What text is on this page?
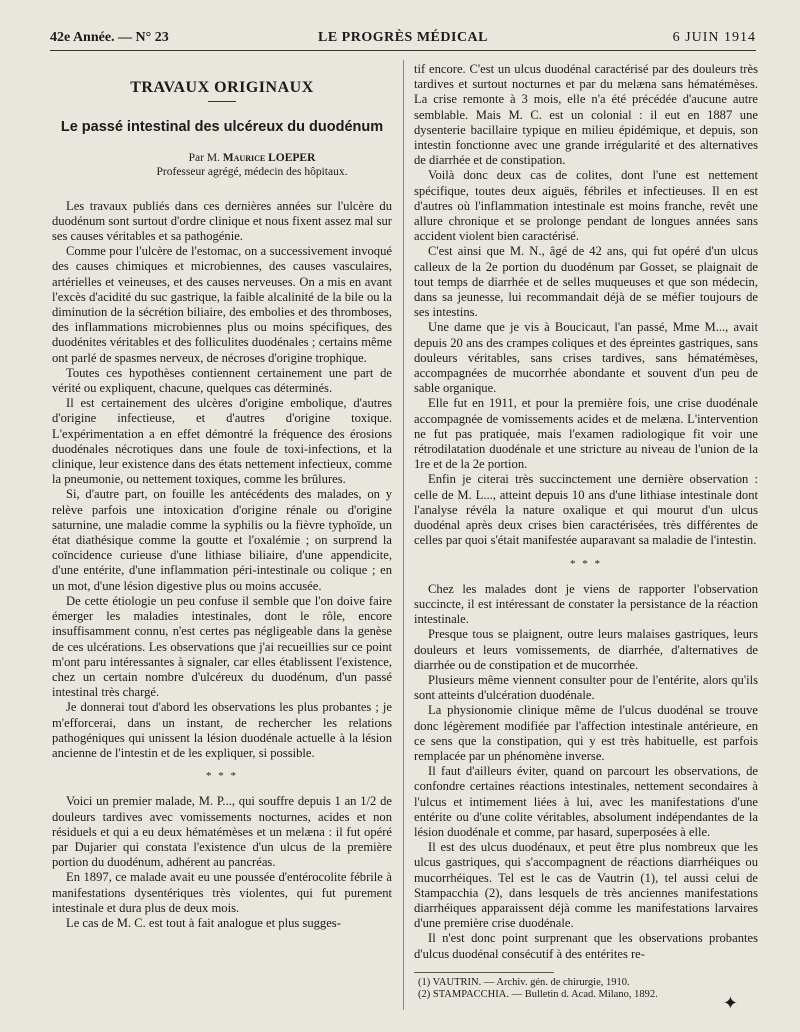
42e Année. — N° 23	LE PROGRÈS MÉDICAL	6 JUIN 1914
TRAVAUX ORIGINAUX
Le passé intestinal des ulcéreux du duodénum
Par M. Maurice LOEPER
Professeur agrégé, médecin des hôpitaux.

Les travaux publiés dans ces dernières années sur l'ulcère du duodénum sont surtout d'ordre clinique et nous fixent assez mal sur ses causes véritables et sa pathogénie.

Comme pour l'ulcère de l'estomac, on a successivement invoqué des causes chimiques et microbiennes, des causes vasculaires, artérielles et veineuses, et des causes nerveuses. On a mis en avant l'excès d'acidité du suc gastrique, la faible alcalinité de la bile ou la diminution de la sécrétion biliaire, des embolies et des thromboses, des inflammations microbiennes plus ou moins spécifiques, des duodénites véritables et des folliculites duodénales ; certains même ont parlé de spasmes nerveux, de nécroses d'origine trophique.

Toutes ces hypothèses contiennent certainement une part de vérité ou expliquent, chacune, quelques cas déterminés.

Il est certainement des ulcères d'origine embolique, d'autres d'origine infectieuse, et d'autres d'origine toxique. L'expérimentation a en effet démontré la fréquence des érosions duodénales nécrotiques dans une foule de toxi-infections, et la clinique, leur existence dans des états nettement infectieux, comme la pneumonie, ou nettement toxiques, comme les brûlures.

Si, d'autre part, on fouille les antécédents des malades, on y relève parfois une intoxication d'origine rénale ou d'origine saturnine, une maladie comme la syphilis ou la fièvre typhoïde, un état diathésique comme la goutte et l'oxalémie ; on surprend la coïncidence curieuse d'une lithiase biliaire, d'une appendicite, d'une entérite, d'une inflammation péri-intestinale ou colique ; en un mot, d'une lésion digestive plus ou moins accusée.

De cette étiologie un peu confuse il semble que l'on doive faire émerger les maladies intestinales, dont le rôle, encore insuffisamment connu, n'est certes pas négligeable dans la genèse de ces ulcérations. Les observations que j'ai recueillies sur ce point m'ont paru intéressantes à signaler, car elles établissent l'existence, chez un certain nombre d'ulcéreux du duodénum, d'un passé intestinal très chargé.

Je donnerai tout d'abord les observations les plus probantes ; je m'efforcerai, dans un instant, de rechercher les relations pathogéniques qui unissent la lésion duodénale actuelle à la lésion ancienne de l'intestin et de les expliquer, si possible.

* * *

Voici un premier malade, M. P..., qui souffre depuis 1 an 1/2 de douleurs tardives avec vomissements nocturnes, acides et non résiduels et qui a eu deux hématémèses et un melæna : il fut opéré par Dujarier qui constata l'existence d'un ulcus de la première portion du duodénum, adhérent au pancréas.

En 1897, ce malade avait eu une poussée d'entérocolite fébrile à manifestations dysentériques très violentes, qui fut purement intestinale et dura plus de deux mois.

Le cas de M. C. est tout à fait analogue et plus sugges-

tif encore. C'est un ulcus duodénal caractérisé par des douleurs très tardives et surtout nocturnes et par du melæna sans hématémèses. La crise remonte à 3 mois, elle n'a été précédée d'aucune autre semblable. Mais M. C. est un colonial : il eut en 1887 une dysenterie bacillaire typique en milieu épidémique, et depuis, son intestin fonctionne avec une grande irrégularité et des alternatives de diarrhée et de constipation.

Voilà donc deux cas de colites, dont l'une est nettement spécifique, toutes deux aiguës, fébriles et infectieuses. Il en est d'autres où l'inflammation intestinale est moins franche, revêt une allure chronique et se prolonge pendant de longues années sans accident violent bien caractérisé.

C'est ainsi que M. N., âgé de 42 ans, qui fut opéré d'un ulcus calleux de la 2e portion du duodénum par Gosset, se plaignait de tout temps de diarrhée et de selles muqueuses et que son médecin, dans sa jeunesse, lui recommandait déjà de se méfier toujours de ses intestins.

Une dame que je vis à Boucicaut, l'an passé, Mme M..., avait depuis 20 ans des crampes coliques et des épreintes gastriques, sans douleurs véritables, sans crises tardives, sans hématémèses, accompagnées de mucorrhée abondante et souvent d'un peu de sable organique.

Elle fut en 1911, et pour la première fois, une crise duodénale accompagnée de vomissements acides et de melæna. L'intervention ne fut pas pratiquée, mais l'examen radiologique fit voir une rétrodilatation duodénale et une stricture au niveau de l'union de la 1re et de la 2e portion.

Enfin je citerai très succinctement une dernière observation : celle de M. L..., atteint depuis 10 ans d'une lithiase intestinale dont l'analyse révéla la nature oxalique et qui mourut d'un ulcus duodénal après deux crises bien caractérisées, très différentes de celles par quoi s'était manifestée auparavant sa maladie de l'intestin.

* * *

Chez les malades dont je viens de rapporter l'observation succincte, il est intéressant de constater la persistance de la réaction intestinale.

Presque tous se plaignent, outre leurs malaises gastriques, leurs douleurs et leurs vomissements, de diarrhée, d'alternatives de diarrhée ou de constipation et de mucorrhée.

Plusieurs même viennent consulter pour de l'entérite, alors qu'ils sont atteints d'ulcération duodénale.

La physionomie clinique même de l'ulcus duodénal se trouve donc légèrement modifiée par l'affection intestinale antérieure, en ce sens que la constipation, qui y est très habituelle, est parfois remplacée par un phénomène inverse.

Il faut d'ailleurs éviter, quand on parcourt les observations, de confondre certaines réactions intestinales, nettement secondaires à l'ulcus et intimement liées à lui, avec les manifestations d'une entérite ou d'une colite véritables, absolument indépendantes de la lésion duodénale et comme, par hasard, superposées à elle.

Il est des ulcus duodénaux, et peut être plus nombreux que les ulcus gastriques, qui s'accompagnent de réactions diarrhéiques ou mucorrhéiques. Tel est le cas de Vautrin (1), tel aussi celui de Stampacchia (2), dans lesquels de très anciennes manifestations diarrhéiques apparaissent déjà comme les manifestations larvaires d'une première crise duodénale.

Il n'est donc point surprenant que les observations probantes d'ulcus duodénal consécutif à des entérites re-

(1) VAUTRIN. — Archiv. gén. de chirurgie, 1910.
(2) STAMPACCHIA. — Bulletin d. Acad. Milano, 1892.	✦
